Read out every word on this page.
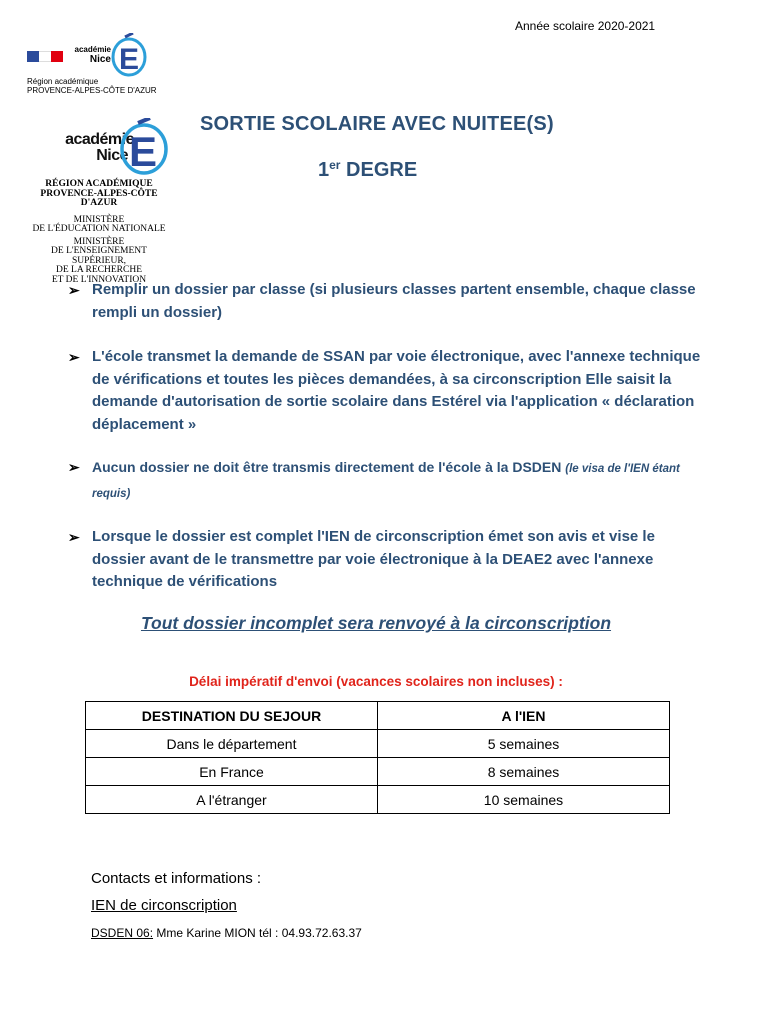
Année scolaire 2020-2021
académie
Nice E
Région académique
PROVENCE-ALPES-CÔTE D'AZUR
académie
Nice E
RÉGION ACADÉMIQUE
PROVENCE-ALPES-CÔTE D'AZUR
MINISTÈRE
DE L'ÉDUCATION NATIONALE
MINISTÈRE
DE L'ENSEIGNEMENT SUPÉRIEUR,
DE LA RECHERCHE
ET DE L'INNOVATION
SORTIE SCOLAIRE AVEC NUITEE(S)
1er DEGRE
➢ Remplir un dossier par classe (si plusieurs classes partent ensemble, chaque classe rempli un dossier)
➢ L'école transmet la demande de SSAN par voie électronique, avec l'annexe technique de vérifications et toutes les pièces demandées, à sa circonscription Elle saisit la demande d'autorisation de sortie scolaire dans Estérel via l'application « déclaration déplacement »
➢ Aucun dossier ne doit être transmis directement de l'école à la DSDEN (le visa de l'IEN étant requis)
➢ Lorsque le dossier est complet l'IEN de circonscription émet son avis et vise le dossier avant de le transmettre par voie électronique à la DEAE2 avec l'annexe technique de vérifications
Tout dossier incomplet sera renvoyé à la circonscription
Délai impératif d'envoi (vacances scolaires non incluses) :
DESTINATION DU SEJOUR	A l'IEN
Dans le département	5 semaines
En France	8 semaines
A l'étranger	10 semaines
Contacts et informations :
IEN de circonscription
DSDEN 06: Mme Karine MION tél : 04.93.72.63.37
